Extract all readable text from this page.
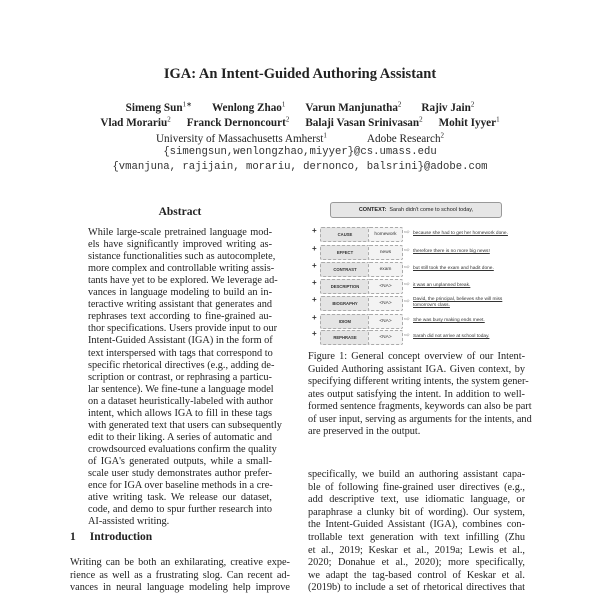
IGA: An Intent-Guided Authoring Assistant
Simeng Sun$^{1∗}$ Wenlong Zhao$^1$ Varun Manjunatha$^2$ Rajiv Jain$^2$
Vlad Morariu$^2$ Franck Dernoncourt$^2$ Balaji Vasan Srinivasan$^2$ Mohit Iyyer$^1$
University of Massachusetts Amherst$^1$	Adobe Research$^2$
{simengsun,wenlongzhao,miyyer}@cs.umass.edu
{vmanjuna, rajijain, morariu, dernonco, balsrini}@adobe.com
Abstract
While large-scale pretrained language mod-
els have significantly improved writing as-
sistance functionalities such as autocomplete,
more complex and controllable writing assis-
tants have yet to be explored. We leverage ad-
vances in language modeling to build an in-
teractive writing assistant that generates and
rephrases text according to fine-grained au-
thor specifications. Users provide input to our
Intent-Guided Assistant (IGA) in the form of
text interspersed with tags that correspond to
specific rhetorical directives (e.g., adding de-
scription or contrast, or rephrasing a particu-
lar sentence). We fine-tune a language model
on a dataset heuristically-labeled with author
intent, which allows IGA to fill in these tags
with generated text that users can subsequently
edit to their liking. A series of automatic and
crowdsourced evaluations confirm the quality
of IGA's generated outputs, while a small-
scale user study demonstrates author prefer-
ence for IGA over baseline methods in a cre-
ative writing task. We release our dataset,
code, and demo to spur further research into
AI-assisted writing.
1 Introduction
Writing can be both an exhilarating, creative expe-
rience as well as a frustrating slog. Can recent ad-
vances in neural language modeling help improve
CONTEXT:
Sarah didn't come to school today,
+	CAUSE	homework	⇨ because she had to get her homework done.
+	EFFECT	news	⇨ therefore there is no more big news!
+	CONTRAST	exam	⇨ but still took the exam and hadit done.
+	DESCRIPTION	<NA>	⇨ it was an unplanned break.
+	BIOGRAPHY	<NA>	⇨ David, the principal, believes she will miss tomorrow's class.
+	IDIOM	<NA>	⇨ She was busy making ends meet.
+	REPHRASE	<NA>	⇨ Sarah did not arrive at school today.
Figure 1: General concept overview of our Intent-
Guided Authoring assistant IGA. Given context, by
specifying different writing intents, the system gener-
ates output satisfying the intent. In addition to well-
formed sentence fragments, keywords can also be part
of user input, serving as arguments for the intents, and
are preserved in the output.
specifically, we build an authoring assistant capa-
ble of following fine-grained user directives (e.g.,
add descriptive text, use idiomatic language, or
paraphrase a clunky bit of wording). Our system,
the Intent-Guided Assistant (IGA), combines con-
trollable text generation with text infilling (Zhu
et al., 2019; Keskar et al., 2019a; Lewis et al.,
2020; Donahue et al., 2020); more specifically,
we adapt the tag-based control of Keskar et al.
(2019b) to include a set of rhetorical directives that
